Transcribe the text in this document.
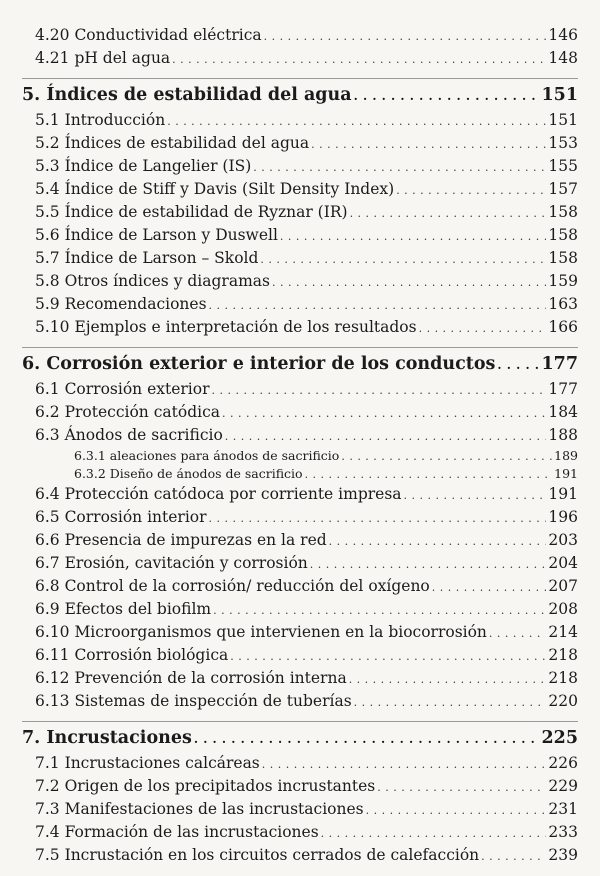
4.20 Conductividad eléctrica . . .	146
4.21 pH del agua . . .	148
5. Índices de estabilidad del agua . . .	151
5.1 Introducción . . .	151
5.2 Índices de estabilidad del agua . . .	153
5.3 Índice de Langelier (IS) . . .	155
5.4 Índice de Stiff y Davis (Silt Density Index) . . .	157
5.5 Índice de estabilidad de Ryznar (IR) . . .	158
5.6 Índice de Larson y Duswell . . .	158
5.7 Índice de Larson – Skold . . .	158
5.8 Otros índices y diagramas . . .	159
5.9 Recomendaciones . . .	163
5.10 Ejemplos e interpretación de los resultados . . .	166
6. Corrosión exterior e interior de los conductos . . .	177
6.1 Corrosión exterior . . .	177
6.2 Protección catódica . . .	184
6.3 Ánodos de sacrificio . . .	188
6.3.1 aleaciones para ánodos de sacrificio . . .	189
6.3.2 Diseño de ánodos de sacrificio . . .	191
6.4 Protección catódoca por corriente impresa . . .	191
6.5 Corrosión interior . . .	196
6.6 Presencia de impurezas en la red . . .	203
6.7 Erosión, cavitación y corrosión . . .	204
6.8 Control de la corrosión/ reducción del oxígeno . . .	207
6.9 Efectos del biofilm . . .	208
6.10 Microorganismos que intervienen en la biocorrosión . . .	214
6.11 Corrosión biológica . . .	218
6.12 Prevención de la corrosión interna . . .	218
6.13 Sistemas de inspección de tuberías . . .	220
7. Incrustaciones . . .	225
7.1 Incrustaciones calcáreas . . .	226
7.2 Origen de los precipitados incrustantes . . .	229
7.3 Manifestaciones de las incrustaciones . . .	231
7.4 Formación de las incrustaciones . . .	233
7.5 Incrustación en los circuitos cerrados de calefacción . . .	239
